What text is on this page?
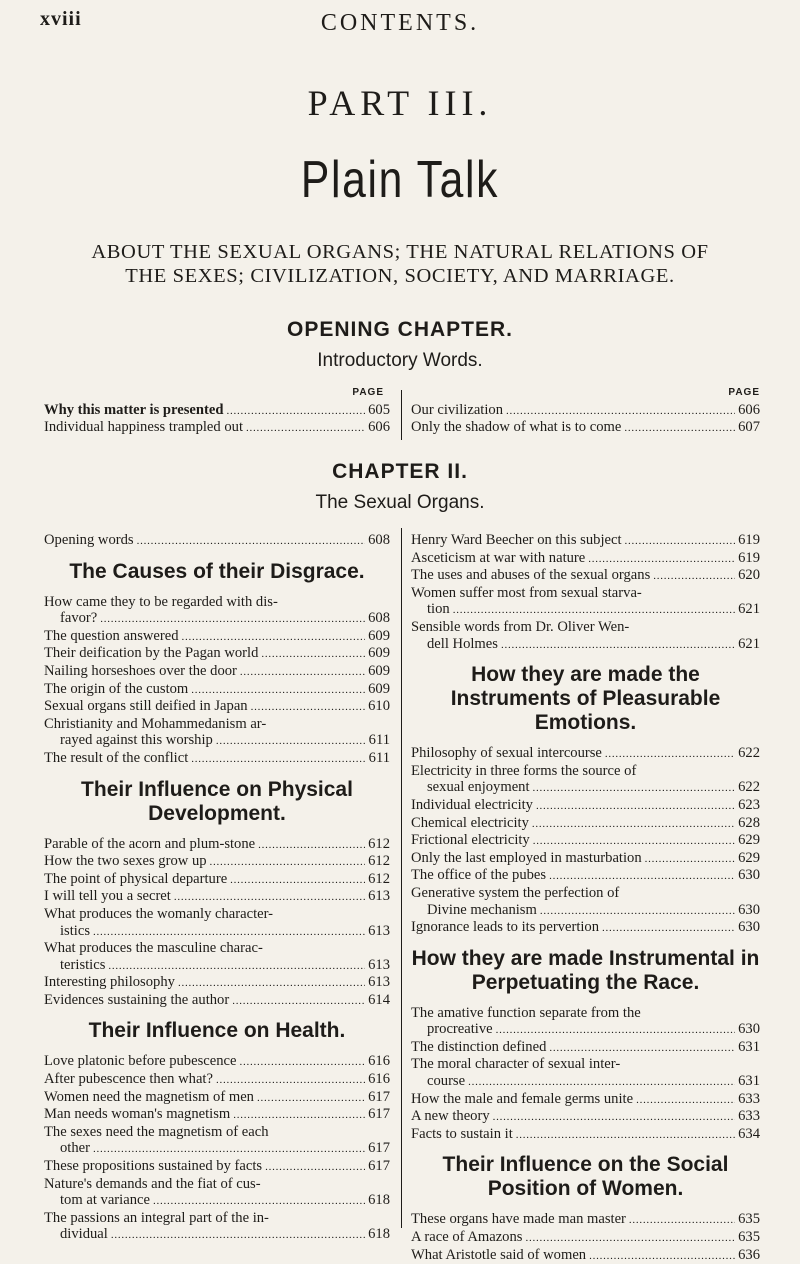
xviii	CONTENTS.
PART III.
Plain Talk
ABOUT THE SEXUAL ORGANS; THE NATURAL RELATIONS OF
THE SEXES; CIVILIZATION, SOCIETY, AND MARRIAGE.
OPENING CHAPTER.
Introductory Words.
PAGE
Why this matter is presented . . .	605
Individual happiness trampled out . . .	606
PAGE
Our civilization . . .	606
Only the shadow of what is to come . . .	607
CHAPTER II.
The Sexual Organs.
Opening words . . .	608
The Causes of their Disgrace.
How came they to be regarded with dis-
favor? . . .	608
The question answered . . .	609
Their deification by the Pagan world . . .	609
Nailing horseshoes over the door . . .	609
The origin of the custom . . .	609
Sexual organs still deified in Japan . . .	610
Christianity and Mohammedanism ar-
rayed against this worship . . .	611
The result of the conflict . . .	611
Their Influence on Physical Development.
Parable of the acorn and plum-stone . . .	612
How the two sexes grow up . . .	612
The point of physical departure . . .	612
I will tell you a secret . . .	613
What produces the womanly character-
istics . . .	613
What produces the masculine charac-
teristics . . .	613
Interesting philosophy . . .	613
Evidences sustaining the author . . .	614
Their Influence on Health.
Love platonic before pubescence . . .	616
After pubescence then what? . . .	616
Women need the magnetism of men . . .	617
Man needs woman's magnetism . . .	617
The sexes need the magnetism of each
other . . .	617
These propositions sustained by facts . . .	617
Nature's demands and the fiat of cus-
tom at variance . . .	618
The passions an integral part of the in-
dividual . . .	618
Henry Ward Beecher on this subject . . .	619
Asceticism at war with nature . . .	619
The uses and abuses of the sexual organs . . .	620
Women suffer most from sexual starva-
tion . . .	621
Sensible words from Dr. Oliver Wen-
dell Holmes . . .	621
How they are made the Instruments of Pleasurable Emotions.
Philosophy of sexual intercourse . . .	622
Electricity in three forms the source of
sexual enjoyment . . .	622
Individual electricity . . .	623
Chemical electricity . . .	628
Frictional electricity . . .	629
Only the last employed in masturbation . . .	629
The office of the pubes . . .	630
Generative system the perfection of
Divine mechanism . . .	630
Ignorance leads to its pervertion . . .	630
How they are made Instrumental in Perpetuating the Race.
The amative function separate from the
procreative . . .	630
The distinction defined . . .	631
The moral character of sexual inter-
course . . .	631
How the male and female germs unite . . .	633
A new theory . . .	633
Facts to sustain it . . .	634
Their Influence on the Social Position of Women.
These organs have made man master . . .	635
A race of Amazons . . .	635
What Aristotle said of women . . .	636
